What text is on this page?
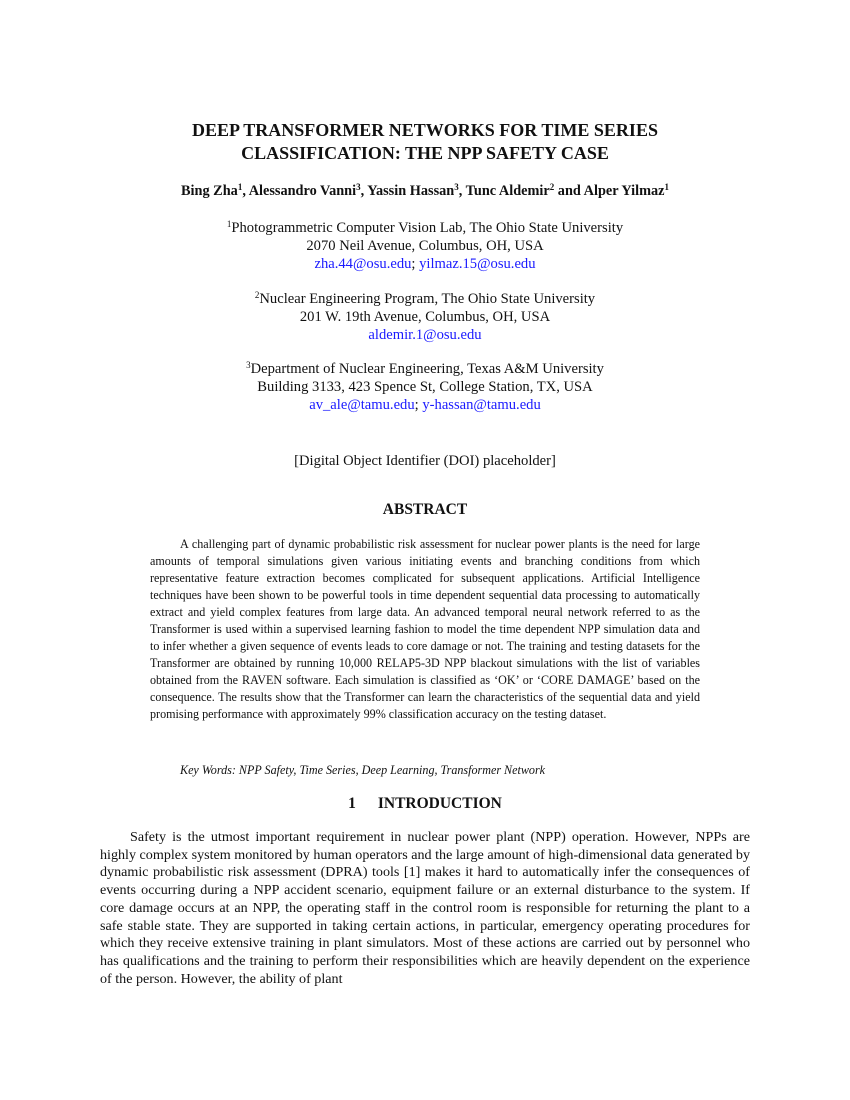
DEEP TRANSFORMER NETWORKS FOR TIME SERIES
CLASSIFICATION: THE NPP SAFETY CASE
Bing Zha$^1$, Alessandro Vanni$^3$, Yassin Hassan$^3$, Tunc Aldemir$^2$ and Alper Yilmaz$^1$
$^1$Photogrammetric Computer Vision Lab, The Ohio State University
2070 Neil Avenue, Columbus, OH, USA
zha.44@osu.edu; yilmaz.15@osu.edu
$^2$Nuclear Engineering Program, The Ohio State University
201 W. 19th Avenue, Columbus, OH, USA
aldemir.1@osu.edu
$^3$Department of Nuclear Engineering, Texas A&M University
Building 3133, 423 Spence St, College Station, TX, USA
av_ale@tamu.edu; y-hassan@tamu.edu
[Digital Object Identifier (DOI) placeholder]
ABSTRACT

A challenging part of dynamic probabilistic risk assessment for nuclear power plants is the need for large amounts of temporal simulations given various initiating events and branching conditions from which representative feature extraction becomes complicated for subsequent applications. Artificial Intelligence techniques have been shown to be powerful tools in time dependent sequential data processing to automatically extract and yield complex features from large data. An advanced temporal neural network referred to as the Transformer is used within a supervised learning fashion to model the time dependent NPP simulation data and to infer whether a given sequence of events leads to core damage or not. The training and testing datasets for the Transformer are obtained by running 10,000 RELAP5-3D NPP blackout simulations with the list of variables obtained from the RAVEN software. Each simulation is classified as ‘OK’ or ‘CORE DAMAGE’ based on the consequence. The results show that the Transformer can learn the characteristics of the sequential data and yield promising performance with approximately 99% classification accuracy on the testing dataset.

Key Words: NPP Safety, Time Series, Deep Learning, Transformer Network

1 INTRODUCTION

Safety is the utmost important requirement in nuclear power plant (NPP) operation. However, NPPs are highly complex system monitored by human operators and the large amount of high-dimensional data generated by dynamic probabilistic risk assessment (DPRA) tools [1] makes it hard to automatically infer the consequences of events occurring during a NPP accident scenario, equipment failure or an external disturbance to the system. If core damage occurs at an NPP, the operating staff in the control room is responsible for returning the plant to a safe stable state. They are supported in taking certain actions, in particular, emergency operating procedures for which they receive extensive training in plant simulators. Most of these actions are carried out by personnel who has qualifications and the training to perform their responsibilities which are heavily dependent on the experience of the person. However, the ability of plant
